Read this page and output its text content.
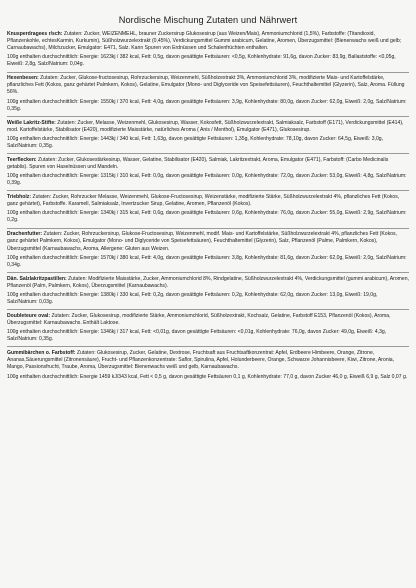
Nordische Mischung Zutaten und Nährwert

Knusperdragees r/sch: Zutaten: Zucker, WEIZENMEHL, brauner Zuckersirup Glukosesirup (aus Weizen/Mais), Ammoniumchlorid (1,5%), Farbstoffe: (Titandioxid, Pflanzenkohle, echtesKarmin, Kurkumin), Süßholzwurzelextrakt (0,45%), Verdickungsmittel Gummi arabicum, Gelatine, Aromen, Überzugsmittel: (Bienenwachs weiß und gelb; Carnaubawachs), Milchzucker, Emulgator: E471, Salz. Kann Spuren von Erdnüssen und Schalenfrüchten enthalten.

100g enthalten durchschnittlich: Energie: 1623kj / 382 kcal, Fett: 0,5g, davon gesättigte Fettsäuren: <0,5g, Kohlenhydrate: 91,6g, davon Zucker: 83,9g, Ballaststoffe: <0,05g, Eiweiß: 2,8g, Salz/Natrium: 0,04g.

Hexenbesen: Zutaten: Zucker, Glukose-fructosesirup, Rohrzuckersirup, Weizenmehl, Süßholzextrakt 3%, Ammoniumchlorid 3%, modifizierte Mais- und Kartoffelstärke, pflanzliches Fett (Kokos, ganz gehärtet Palmkern, Kokos), Gelatine, Emulgator (Mono- und Diglyceride von Speisefettsäuren), Feuchthaltemittel (Glyzerin), Salz, Aroma. Füllung 56%.

100g enthalten durchschnittlich: Energie: 1550kj / 370 kcal, Fett: 4,0g, davon gesättigte Fettsäuren: 3,9g, Kohlenhydrate: 80,0g, davon Zucker: 62,0g, Eiweiß: 2,0g, Salz/Natrium: 0,35g.

Weiße Lakritz-Stifte: Zutaten: Zucker, Melasse, Weizenmehl, Glukosesirup, Wasser, Kokosfett, Süßholzwurzelextrakt, Salmiaksalz, Farbstoff (E171), Verdickungsmittel (E414), mod. Kartoffelstärke, Stabilisator (E420), modifizierte Maisstärke, natürliches Aroma ( Anis / Menthol), Emulgator (E471), Glukosesirup.

100g enthalten durchschnittlich: Energie: 1443kj / 340 kcal, Fett: 1,63g, davon gesättigte Fettsäuren: 1,35g, Kohlenhydrate: 78,10g, davon Zucker: 64,5g, Eiweiß: 3,0g, Salz/Natrium: 0,35g.

Teerflecken: Zutaten: Zucker, Glukosestärkesirup, Wasser, Gelatine, Stabilisator (E420), Salmiak, Lakritzextrakt, Aroma, Emulgator (E471), Farbstoff: (Carbo Medicinalis getablis). Spuren von Haselnüssen und Mandeln.

100g enthalten durchschnittlich: Energie: 1315kj / 310 kcal, Fett: 0,0g, davon gesättigte Fettsäuren: 0,0g, Kohlenhydrate: 72,0g, davon Zucker: 53,0g, Eiweiß: 4,8g, Salz/Natrium: 0,39g.

Triebholz: Zutaten: Zucker, Rohrzucker Melasse, Weizenmehl, Glukose-Fructosesirup, Weizenstärke, modifizierte Stärke, Süßholzwurzelextrakt 4%, pflanzliches Fett (Kokos, ganz gehärtet), Farbstoffe. Karamell, Salmiaksalz, Invertzucker Sirup, Gelatine, Aromen, Pflanzenöl (Kokos).

100g enthalten durchschnittlich: Energie: 1340kj / 315 kcal, Fett: 0,6g, davon gesättigte Fettsäuren: 0,6g, Kohlenhydrate: 76,0g, davon Zucker: 55,0g, Eiweiß: 2,9g, Salz/Natrium: 0,2g.

Drachenfutter: Zutaten: Zucker, Rohrzuckersirup, Glukose-Fructosesirup, Weizenmehl, modif. Mais- und Kartoffelstärke, Süßholzwurzelextrakt 4%, pflanzliches Fett (Kokos, ganz gehärtet Palmkern, Kokos), Emulgator (Mono- und Diglyceride von Speisefettsäuren), Feuchthaltemittel (Glyzerin), Salz, Pflanzenöl (Palme, Palmkern, Kokos), Überzugsmittel (Karnaubawachs, Aroma, Allergene: Gluten aus Weizen.

100g enthalten durchschnittlich: Energie: 1570kj / 380 kcal, Fett: 4,0g, davon gesättigte Fettsäuren: 3,8g, Kohlenhydrate: 81,6g, davon Zucker: 62,0g, Eiweiß: 2,0g, Salz/Natrium: 0,34g.

Dän. Salzlakritzpastillen: Zutaten: Modifizierte Maisstärke, Zucker, Ammoniumchlorid 8%, Rindgelatine, Süßholzwurzelextrakt 4%, Verdickungsmittel (gummi arabicum), Aromen, Pflanzenöl (Palm, Palmkern, Kokos), Überzugsmittel (Karnaubawachs).

100g enthalten durchschnittlich: Energie: 1380kj / 330 kcal, Fett: 0,2g, davon gesättigte Fettsäuren: 0,2g, Kohlenhydrate: 62,0g, davon Zucker: 13,0g, Eiweiß: 19,0g, Salz/Natrium: 0,03g.

Doubleteure oval: Zutaten: Zucker, Glukosesirup, modifizierte Stärke, Ammoniumchlorid, Süßholzextrakt, Kochsalz, Gelatine, Farbstoff E153, Pflanzenöl (Kokos), Aroma, Überzugsmittel: Karnaubawachs. Enthält Laktose.

100g enthalten durchschnittlich: Energie: 1346kj / 317 kcal, Fett: <0,01g, davon gesättigte Fettsäuren: <0,01g, Kohlenhydrate: 76,0g, davon Zucker: 49,0g, Eiweiß: 4,3g, Salz/Natrium: 0,35g.

Gummibärchen o. Farbstoff: Zutaten: Glukosesirup, Zucker, Gelatine, Dextrose, Fruchtsaft aus Fruchtsaftkonzentrat: Apfel, Erdbeere Himbeere, Orange, Zitrone, Ananas,Säuerungsmittel (Zitronensäure), Frucht- und Pflanzenkonzentrate: Saflor, Spirulina, Apfel, Holunderbeere, Orange, Schwarze Johannisbeere, Kiwi, Zitrone, Aronia, Mango, Passionsfrucht, Traube, Aroma, Überzugsmittel: Bienenwachs weiß und gelb, Karnaubawachs.

100g enthalten durchschnittlich: Energie 1459 kJ/343 kcal, Fett < 0,5 g, davon gesättigte Fettsäuren 0,1 g, Kohlenhydrate: 77,0 g, davon Zucker 46,0 g, Eiweiß 6,9 g, Salz 0,07 g.
